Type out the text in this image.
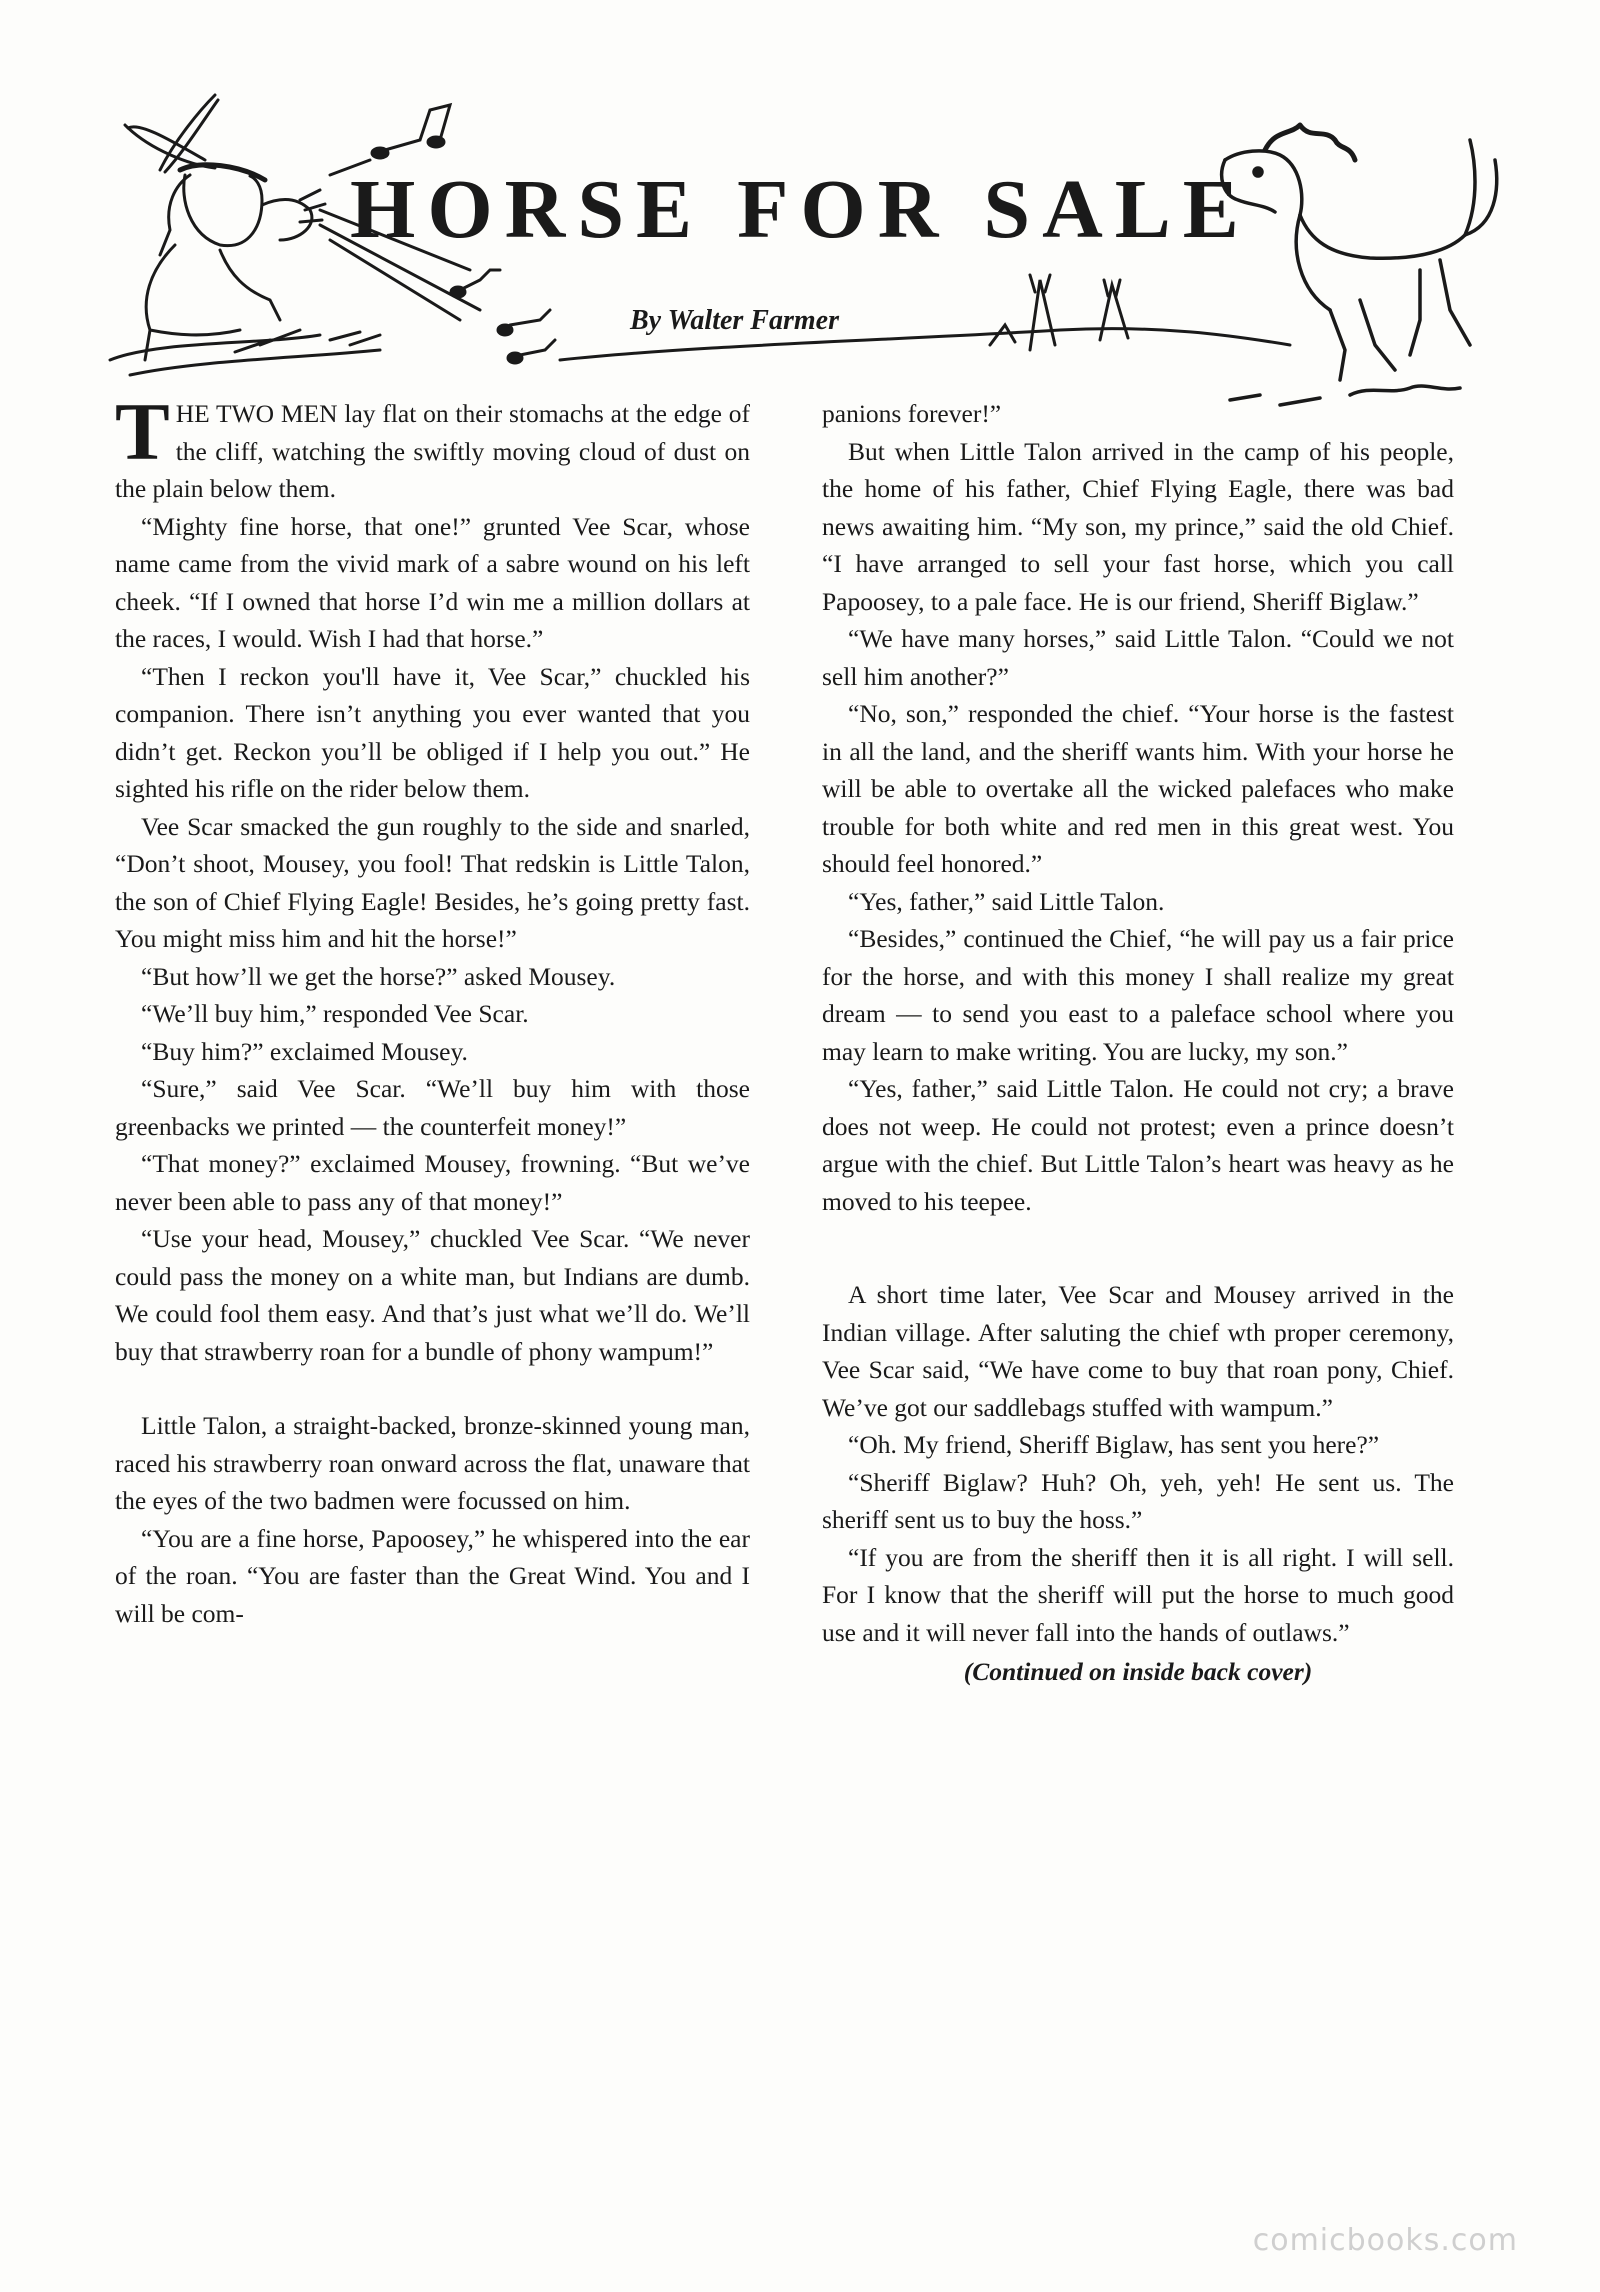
HORSE FOR SALE
By Walter Farmer

THE TWO MEN lay flat on their stomachs at the edge of the cliff, watching the swiftly moving cloud of dust on the plain below them.

“Mighty fine horse, that one!” grunted Vee Scar, whose name came from the vivid mark of a sabre wound on his left cheek. “If I owned that horse I’d win me a million dollars at the races, I would. Wish I had that horse.”

“Then I reckon you'll have it, Vee Scar,” chuckled his companion. There isn’t anything you ever wanted that you didn’t get. Reckon you’ll be obliged if I help you out.” He sighted his rifle on the rider below them.

Vee Scar smacked the gun roughly to the side and snarled, “Don’t shoot, Mousey, you fool! That redskin is Little Talon, the son of Chief Flying Eagle! Besides, he’s going pretty fast. You might miss him and hit the horse!”

“But how’ll we get the horse?” asked Mousey.

“We’ll buy him,” responded Vee Scar.

“Buy him?” exclaimed Mousey.

“Sure,” said Vee Scar. “We’ll buy him with those greenbacks we printed — the counterfeit money!”

“That money?” exclaimed Mousey, frowning. “But we’ve never been able to pass any of that money!”

“Use your head, Mousey,” chuckled Vee Scar. “We never could pass the money on a white man, but Indians are dumb. We could fool them easy. And that’s just what we’ll do. We’ll buy that strawberry roan for a bundle of phony wampum!”

Little Talon, a straight-backed, bronze-skinned young man, raced his strawberry roan onward across the flat, unaware that the eyes of the two badmen were focussed on him.

“You are a fine horse, Papoosey,” he whispered into the ear of the roan. “You are faster than the Great Wind. You and I will be com-

panions forever!”

But when Little Talon arrived in the camp of his people, the home of his father, Chief Flying Eagle, there was bad news awaiting him. “My son, my prince,” said the old Chief. “I have arranged to sell your fast horse, which you call Papoosey, to a pale face. He is our friend, Sheriff Biglaw.”

“We have many horses,” said Little Talon. “Could we not sell him another?”

“No, son,” responded the chief. “Your horse is the fastest in all the land, and the sheriff wants him. With your horse he will be able to overtake all the wicked palefaces who make trouble for both white and red men in this great west. You should feel honored.”

“Yes, father,” said Little Talon.

“Besides,” continued the Chief, “he will pay us a fair price for the horse, and with this money I shall realize my great dream — to send you east to a paleface school where you may learn to make writing. You are lucky, my son.”

“Yes, father,” said Little Talon. He could not cry; a brave does not weep. He could not protest; even a prince doesn’t argue with the chief. But Little Talon’s heart was heavy as he moved to his teepee.

A short time later, Vee Scar and Mousey arrived in the Indian village. After saluting the chief wth proper ceremony, Vee Scar said, “We have come to buy that roan pony, Chief. We’ve got our saddlebags stuffed with wampum.”

“Oh. My friend, Sheriff Biglaw, has sent you here?”

“Sheriff Biglaw? Huh? Oh, yeh, yeh! He sent us. The sheriff sent us to buy the hoss.”

“If you are from the sheriff then it is all right. I will sell. For I know that the sheriff will put the horse to much good use and it will never fall into the hands of outlaws.”

(Continued on inside back cover)

comicbooks.com
